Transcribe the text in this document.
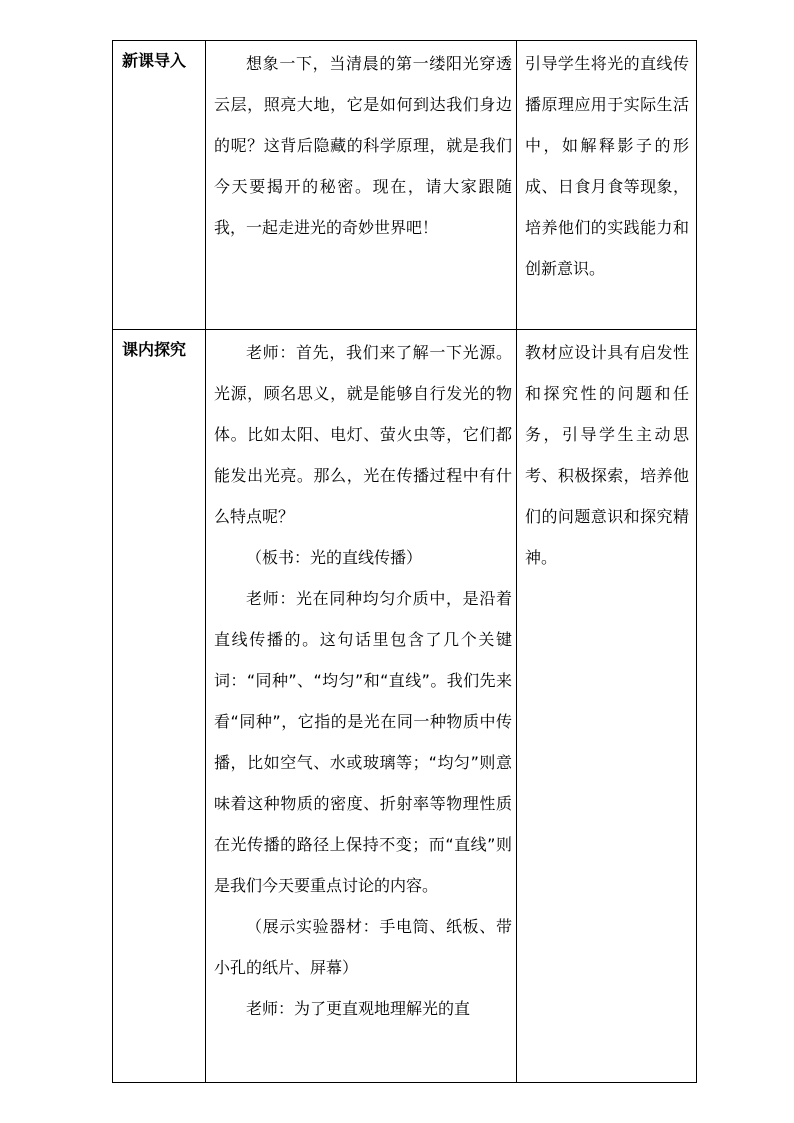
新课导入	想象一下，当清晨的第一缕阳光穿透云层，照亮大地，它是如何到达我们身边的呢？这背后隐藏的科学原理，就是我们今天要揭开的秘密。现在，请大家跟随我，一起走进光的奇妙世界吧！	引导学生将光的直线传播原理应用于实际生活中，如解释影子的形成、日食月食等现象，培养他们的实践能力和创新意识。

课内探究	老师：首先，我们来了解一下光源。光源，顾名思义，就是能够自行发光的物体。比如太阳、电灯、萤火虫等，它们都能发出光亮。那么，光在传播过程中有什么特点呢？

（板书：光的直线传播）

老师：光在同种均匀介质中，是沿着直线传播的。这句话里包含了几个关键词：“同种”、“均匀”和“直线”。我们先来看“同种”，它指的是光在同一种物质中传播，比如空气、水或玻璃等；“均匀”则意味着这种物质的密度、折射率等物理性质在光传播的路径上保持不变；而“直线”则是我们今天要重点讨论的内容。

（展示实验器材：手电筒、纸板、带小孔的纸片、屏幕）

老师：为了更直观地理解光的直	教材应设计具有启发性和探究性的问题和任务，引导学生主动思考、积极探索，培养他们的问题意识和探究精神。
